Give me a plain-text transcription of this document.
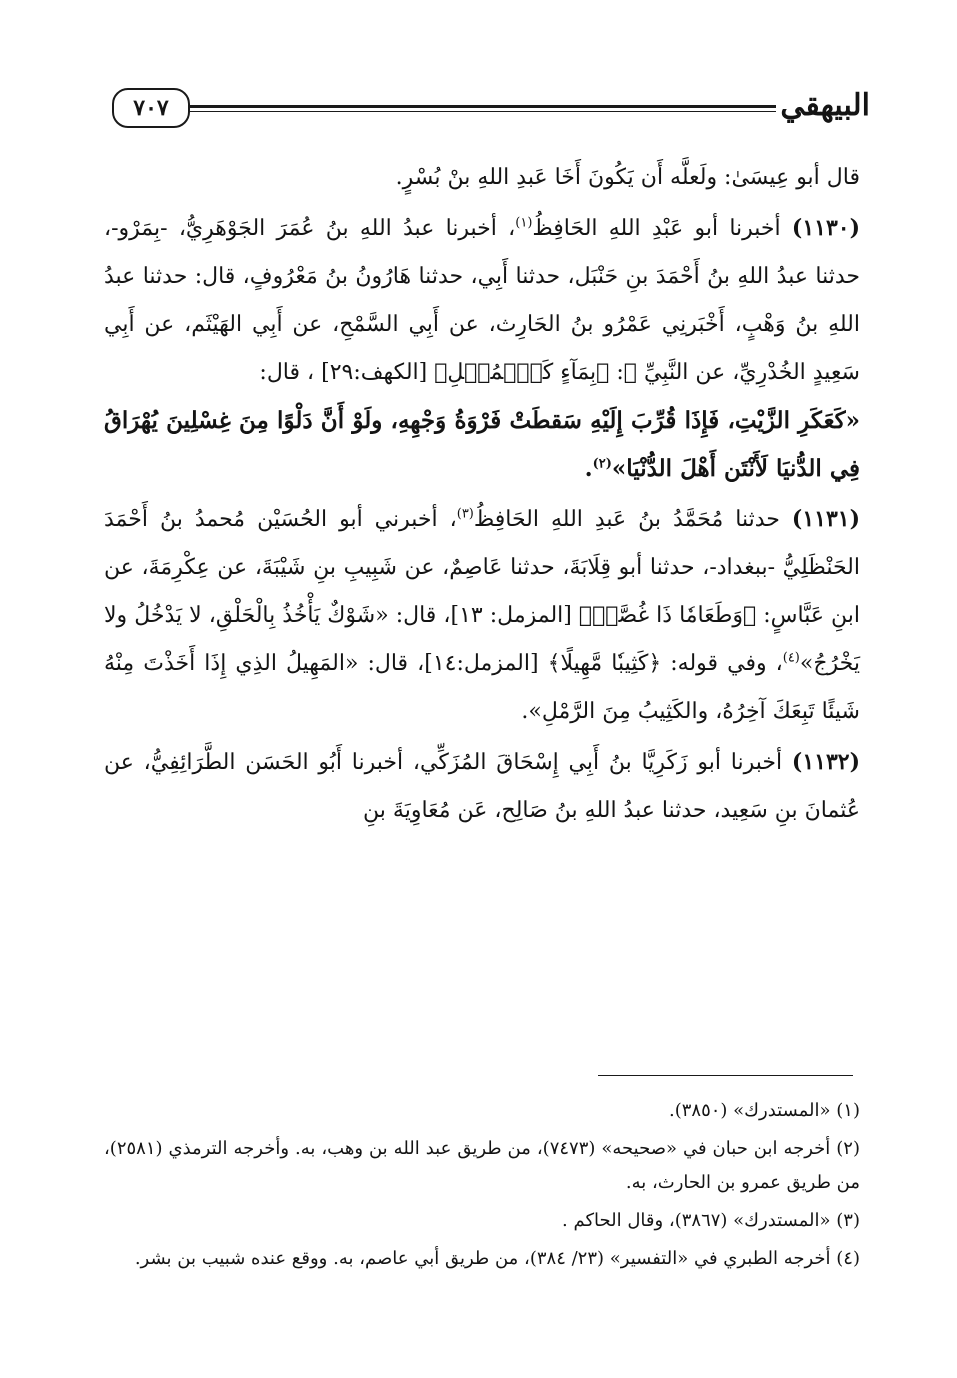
البيهقي
٧٠٧

قال أبو عِيسَىٰ: ولَعلَّه أَن يَكُونَ أَخَا عَبدِ اللهِ بنْ بُسْرٍ.

(١١٣٠) أخبرنا أبو عَبْدِ اللهِ الحَافِظُ$^{(١)}$، أخبرنا عبدُ اللهِ بنُ عُمَرَ الجَوْهَرِيُّ، -بِمَرْو-، حدثنا عبدُ اللهِ بنُ أَحْمَدَ بنِ حَنْبَل، حدثنا أَبِي، حدثنا هَارُونُ بنُ مَعْرُوفٍ، قال: حدثنا عبدُ اللهِ بنُ وَهْبٍ، أَخْبَرنِي عَمْرُو بنُ الحَارِث، عن أَبِي السَّمْحِ، عن أَبِي الهَيْثَم، عن أَبِي سَعِيدٍ الخُدْرِيِّ، عن النَّبِيِّ ﷺ: ﴿بِمَآءٍ كَٱلۡمُهۡلِ﴾ [الكهف:٢٩] ، قال:

«كَعَكَرِ الزَّيْتِ، فَإِذَا قُرِّبَ إِلَيْهِ سَقطَتْ فَرْوَةُ وَجْهِهِ، ولَوْ أَنَّ دَلْوًا مِنَ غِسْلِينَ يُهْرَاقُ فِي الدُّنيَا لَأَنْتَن أَهْلَ الدُّنْيَا»$^{(٢)}$.

(١١٣١) حدثنا مُحَمَّدُ بنُ عَبدِ اللهِ الحَافِظُ$^{(٣)}$، أخبرني أبو الحُسَيْن مُحمدُ بنُ أَحْمَدَ الحَنْظَلِيُّ -ببغداد-، حدثنا أبو قِلَابَةَ، حدثنا عَاصِمٌ، عن شَبِيبِ بنِ شَيْبَةَ، عن عِكْرِمَةَ، عن ابنِ عَبَّاسٍ: ﴿وَطَعَامٗا ذَا غُصَّةٖ﴾ [المزمل: ١٣]، قال: «شَوْكٌ يَأْخُذُ بِالْحَلْقِ، لا يَدْخُلُ ولا يَخْرُجُ»$^{(٤)}$، وفي قوله: ﴿كَثِيبٗا مَّهِيلًا﴾ [المزمل:١٤]، قال: «المَهِيلُ الذِي إِذَا أَخَذْتَ مِنْهُ شَيئًا تَبِعَكَ آخِرُهُ، والكَثِيبُ مِنَ الرَّمْلِ».

(١١٣٢) أخبرنا أبو زَكَرِيَّا بنُ أَبِي إِسْحَاقَ المُزَكِّي، أخبرنا أَبُو الحَسَن الطَّرَائِفِيُّ، عن عُثمانَ بنِ سَعِيد، حدثنا عبدُ اللهِ بنُ صَالِح، عَن مُعَاوِيَةَ بنِ

(١) «المستدرك» (٣٨٥٠).

(٢) أخرجه ابن حبان في «صحيحه» (٧٤٧٣)، من طريق عبد الله بن وهب، به. وأخرجه الترمذي (٢٥٨١)، من طريق عمرو بن الحارث، به.

(٣) «المستدرك» (٣٨٦٧)، وقال الحاكم .

(٤) أخرجه الطبري في «التفسير» (٢٣/ ٣٨٤)، من طريق أبي عاصم، به. ووقع عنده شبيب بن بشر.
